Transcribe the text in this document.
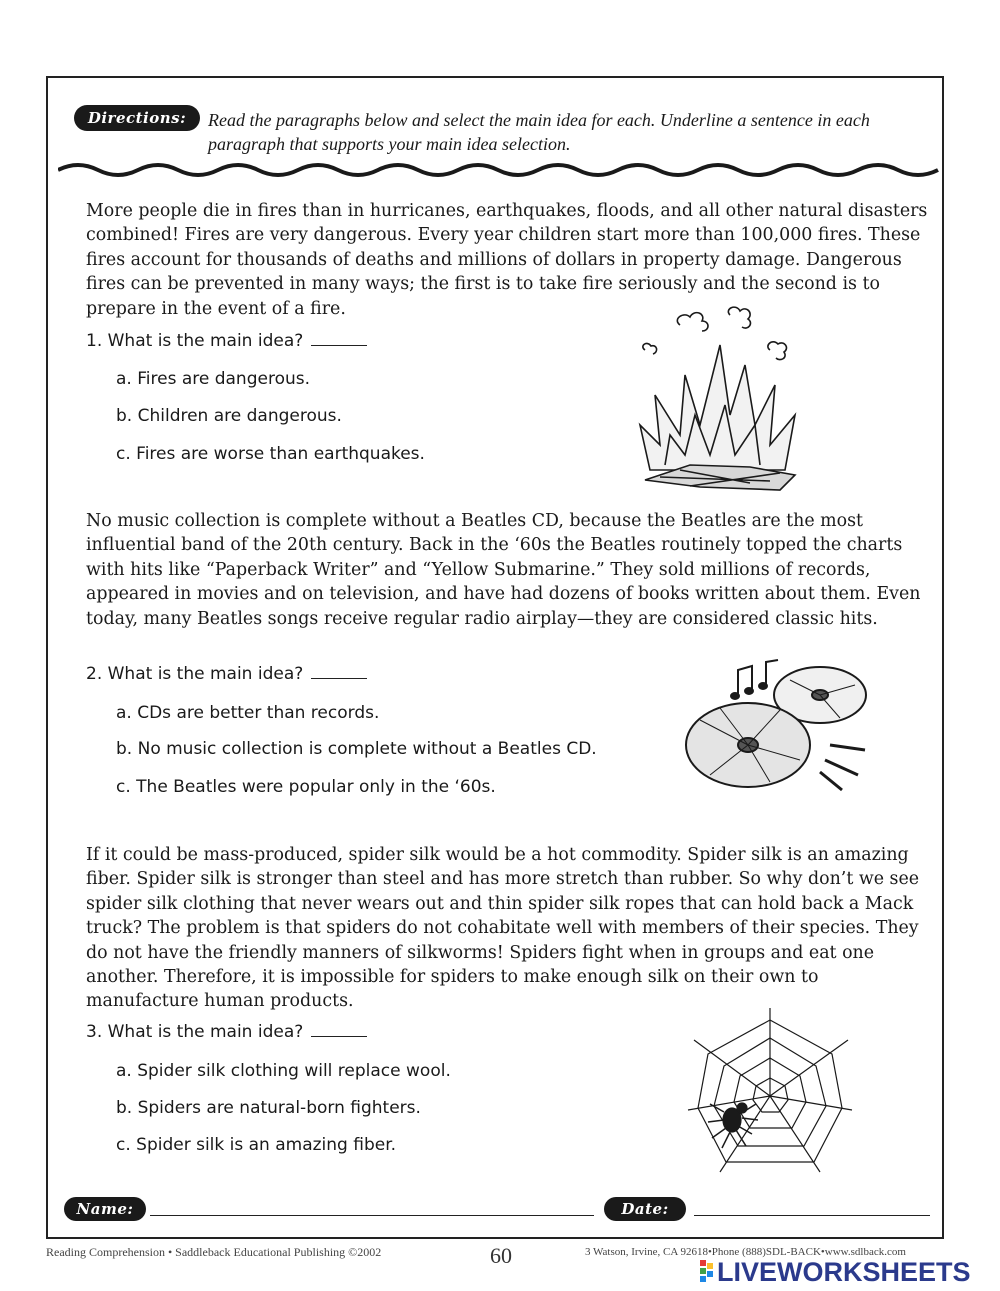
Directions:	Read the paragraphs below and select the main idea for each. Underline a sentence in each paragraph that supports your main idea selection.
More people die in fires than in hurricanes, earthquakes, floods, and all other natural disasters combined! Fires are very dangerous. Every year children start more than 100,000 fires. These fires account for thousands of deaths and millions of dollars in property damage. Dangerous fires can be prevented in many ways; the first is to take fire seriously and the second is to prepare in the event of a fire.
1. What is the main idea?
a. Fires are dangerous.
b. Children are dangerous.
c. Fires are worse than earthquakes.
No music collection is complete without a Beatles CD, because the Beatles are the most influential band of the 20th century. Back in the ‘60s the Beatles routinely topped the charts with hits like “Paperback Writer” and “Yellow Submarine.” They sold millions of records, appeared in movies and on television, and have had dozens of books written about them. Even today, many Beatles songs receive regular radio airplay—they are considered classic hits.
2. What is the main idea?
a. CDs are better than records.
b. No music collection is complete without a Beatles CD.
c. The Beatles were popular only in the ‘60s.
If it could be mass-produced, spider silk would be a hot commodity. Spider silk is an amazing fiber. Spider silk is stronger than steel and has more stretch than rubber. So why don’t we see spider silk clothing that never wears out and thin spider silk ropes that can hold back a Mack truck? The problem is that spiders do not cohabitate well with members of their species. They do not have the friendly manners of silkworms! Spiders fight when in groups and eat one another. Therefore, it is impossible for spiders to make enough silk on their own to manufacture human products.
3. What is the main idea?
a. Spider silk clothing will replace wool.
b. Spiders are natural-born fighters.
c. Spider silk is an amazing fiber.
Name:	Date:
Reading Comprehension • Saddleback Educational Publishing ©2002	60	3 Watson, Irvine, CA 92618•Phone (888)SDL-BACK•www.sdlback.com
LIVEWORKSHEETS
